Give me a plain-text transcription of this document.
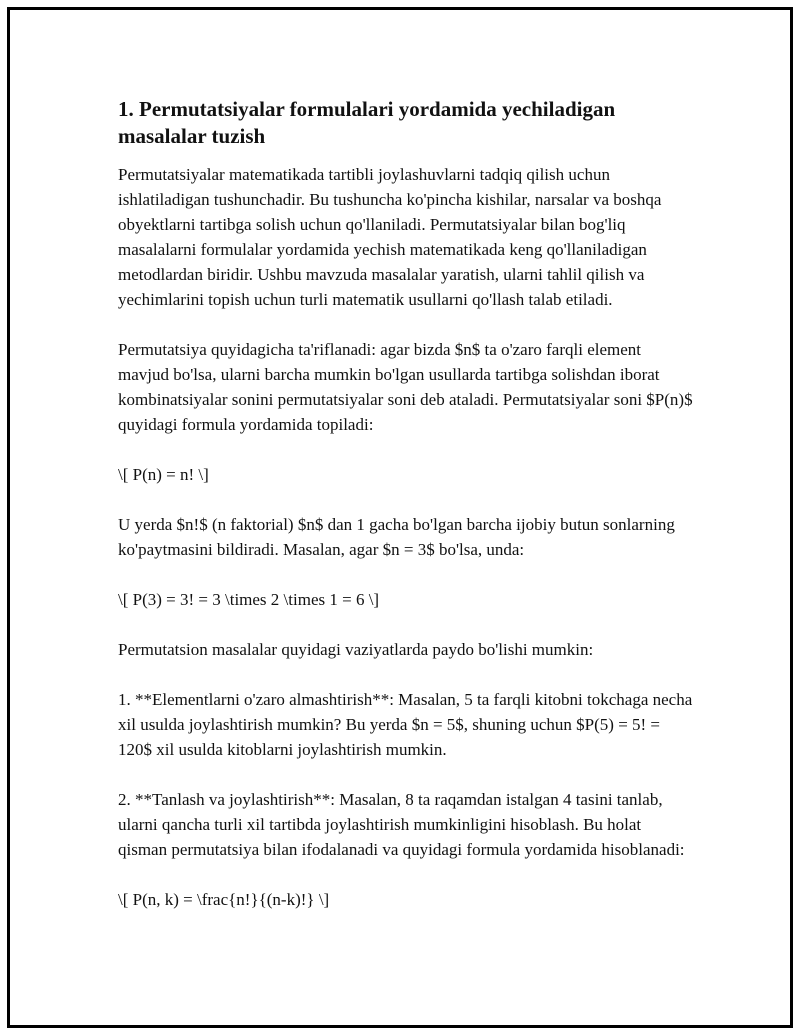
1. Permutatsiyalar formulalari yordamida yechiladigan masalalar tuzish

Permutatsiyalar matematikada tartibli joylashuvlarni tadqiq qilish uchun ishlatiladigan tushunchadir. Bu tushuncha ko'pincha kishilar, narsalar va boshqa obyektlarni tartibga solish uchun qo'llaniladi. Permutatsiyalar bilan bog'liq masalalarni formulalar yordamida yechish matematikada keng qo'llaniladigan metodlardan biridir. Ushbu mavzuda masalalar yaratish, ularni tahlil qilish va yechimlarini topish uchun turli matematik usullarni qo'llash talab etiladi.

Permutatsiya quyidagicha ta'riflanadi: agar bizda $n$ ta o'zaro farqli element mavjud bo'lsa, ularni barcha mumkin bo'lgan usullarda tartibga solishdan iborat kombinatsiyalar sonini permutatsiyalar soni deb ataladi. Permutatsiyalar soni $P(n)$ quyidagi formula yordamida topiladi:

\[ P(n) = n! \]

U yerda $n!$ (n faktorial) $n$ dan 1 gacha bo'lgan barcha ijobiy butun sonlarning ko'paytmasini bildiradi. Masalan, agar $n = 3$ bo'lsa, unda:

\[ P(3) = 3! = 3 \times 2 \times 1 = 6 \]

Permutatsion masalalar quyidagi vaziyatlarda paydo bo'lishi mumkin:

1. **Elementlarni o'zaro almashtirish**: Masalan, 5 ta farqli kitobni tokchaga necha xil usulda joylashtirish mumkin? Bu yerda $n = 5$, shuning uchun $P(5) = 5! = 120$ xil usulda kitoblarni joylashtirish mumkin.

2. **Tanlash va joylashtirish**: Masalan, 8 ta raqamdan istalgan 4 tasini tanlab, ularni qancha turli xil tartibda joylashtirish mumkinligini hisoblash. Bu holat qisman permutatsiya bilan ifodalanadi va quyidagi formula yordamida hisoblanadi:

\[ P(n, k) = \frac{n!}{(n-k)!} \]
